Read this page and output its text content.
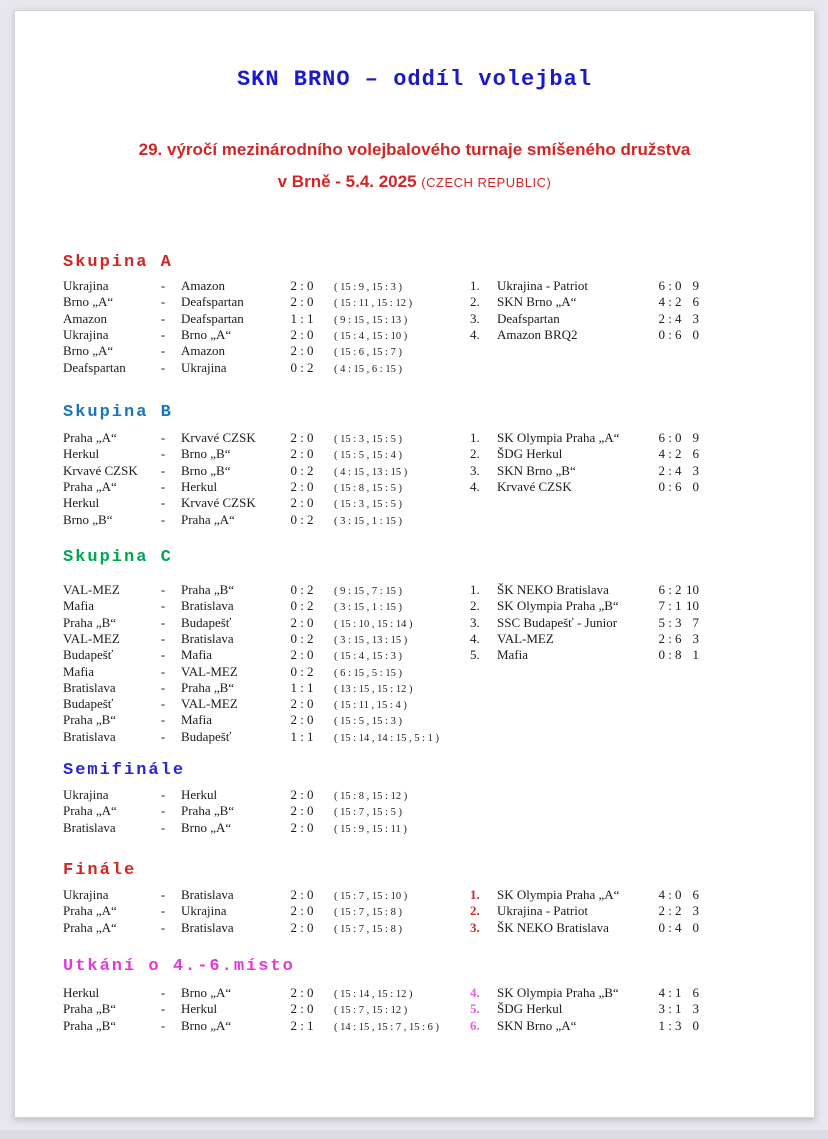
SKN BRNO – oddíl volejbal
29. výročí mezinárodního volejbalového turnaje smíšeného družstva
v Brně - 5.4. 2025 (CZECH REPUBLIC)
Skupina A
Ukrajina	-	Amazon	2 : 0	( 15 : 9 , 15 : 3 )
Brno „A“	-	Deafspartan	2 : 0	( 15 : 11 , 15 : 12 )
Amazon	-	Deafspartan	1 : 1	( 9 : 15 , 15 : 13 )
Ukrajina	-	Brno „A“	2 : 0	( 15 : 4 , 15 : 10 )
Brno „A“	-	Amazon	2 : 0	( 15 : 6 , 15 : 7 )
Deafspartan	-	Ukrajina	0 : 2	( 4 : 15 , 6 : 15 )
1.	Ukrajina - Patriot	6 : 0 9
2.	SKN Brno „A“	4 : 2 6
3.	Deafspartan	2 : 4 3
4.	Amazon BRQ2	0 : 6 0
Skupina B
Praha „A“	-	Krvavé CZSK	2 : 0	( 15 : 3 , 15 : 5 )
Herkul	-	Brno „B“	2 : 0	( 15 : 5 , 15 : 4 )
Krvavé CZSK	-	Brno „B“	0 : 2	( 4 : 15 , 13 : 15 )
Praha „A“	-	Herkul	2 : 0	( 15 : 8 , 15 : 5 )
Herkul	-	Krvavé CZSK	2 : 0	( 15 : 3 , 15 : 5 )
Brno „B“	-	Praha „A“	0 : 2	( 3 : 15 , 1 : 15 )
1.	SK Olympia Praha „A“	6 : 0 9
2.	ŠDG Herkul	4 : 2 6
3.	SKN Brno „B“	2 : 4 3
4.	Krvavé CZSK	0 : 6 0
Skupina C
VAL-MEZ	-	Praha „B“	0 : 2	( 9 : 15 , 7 : 15 )
Mafia	-	Bratislava	0 : 2	( 3 : 15 , 1 : 15 )
Praha „B“	-	Budapešť	2 : 0	( 15 : 10 , 15 : 14 )
VAL-MEZ	-	Bratislava	0 : 2	( 3 : 15 , 13 : 15 )
Budapešť	-	Mafia	2 : 0	( 15 : 4 , 15 : 3 )
Mafia	-	VAL-MEZ	0 : 2	( 6 : 15 , 5 : 15 )
Bratislava	-	Praha „B“	1 : 1	( 13 : 15 , 15 : 12 )
Budapešť	-	VAL-MEZ	2 : 0	( 15 : 11 , 15 : 4 )
Praha „B“	-	Mafia	2 : 0	( 15 : 5 , 15 : 3 )
Bratislava	-	Budapešť	1 : 1	( 15 : 14 , 14 : 15 , 5 : 1 )
1.	ŠK NEKO Bratislava	6 : 2 10
2.	SK Olympia Praha „B“	7 : 1 10
3.	SSC Budapešť - Junior	5 : 3 7
4.	VAL-MEZ	2 : 6 3
5.	Mafia	0 : 8 1
Semifinále
Ukrajina	-	Herkul	2 : 0	( 15 : 8 , 15 : 12 )
Praha „A“	-	Praha „B“	2 : 0	( 15 : 7 , 15 : 5 )
Bratislava	-	Brno „A“	2 : 0	( 15 : 9 , 15 : 11 )
Finále
Ukrajina	-	Bratislava	2 : 0	( 15 : 7 , 15 : 10 )
Praha „A“	-	Ukrajina	2 : 0	( 15 : 7 , 15 : 8 )
Praha „A“	-	Bratislava	2 : 0	( 15 : 7 , 15 : 8 )
1.	SK Olympia Praha „A“	4 : 0 6
2.	Ukrajina - Patriot	2 : 2 3
3.	ŠK NEKO Bratislava	0 : 4 0
Utkání o 4.-6.místo
Herkul	-	Brno „A“	2 : 0	( 15 : 14 , 15 : 12 )
Praha „B“	-	Herkul	2 : 0	( 15 : 7 , 15 : 12 )
Praha „B“	-	Brno „A“	2 : 1	( 14 : 15 , 15 : 7 , 15 : 6 )
4.	SK Olympia Praha „B“	4 : 1 6
5.	ŠDG Herkul	3 : 1 3
6.	SKN Brno „A“	1 : 3 0
